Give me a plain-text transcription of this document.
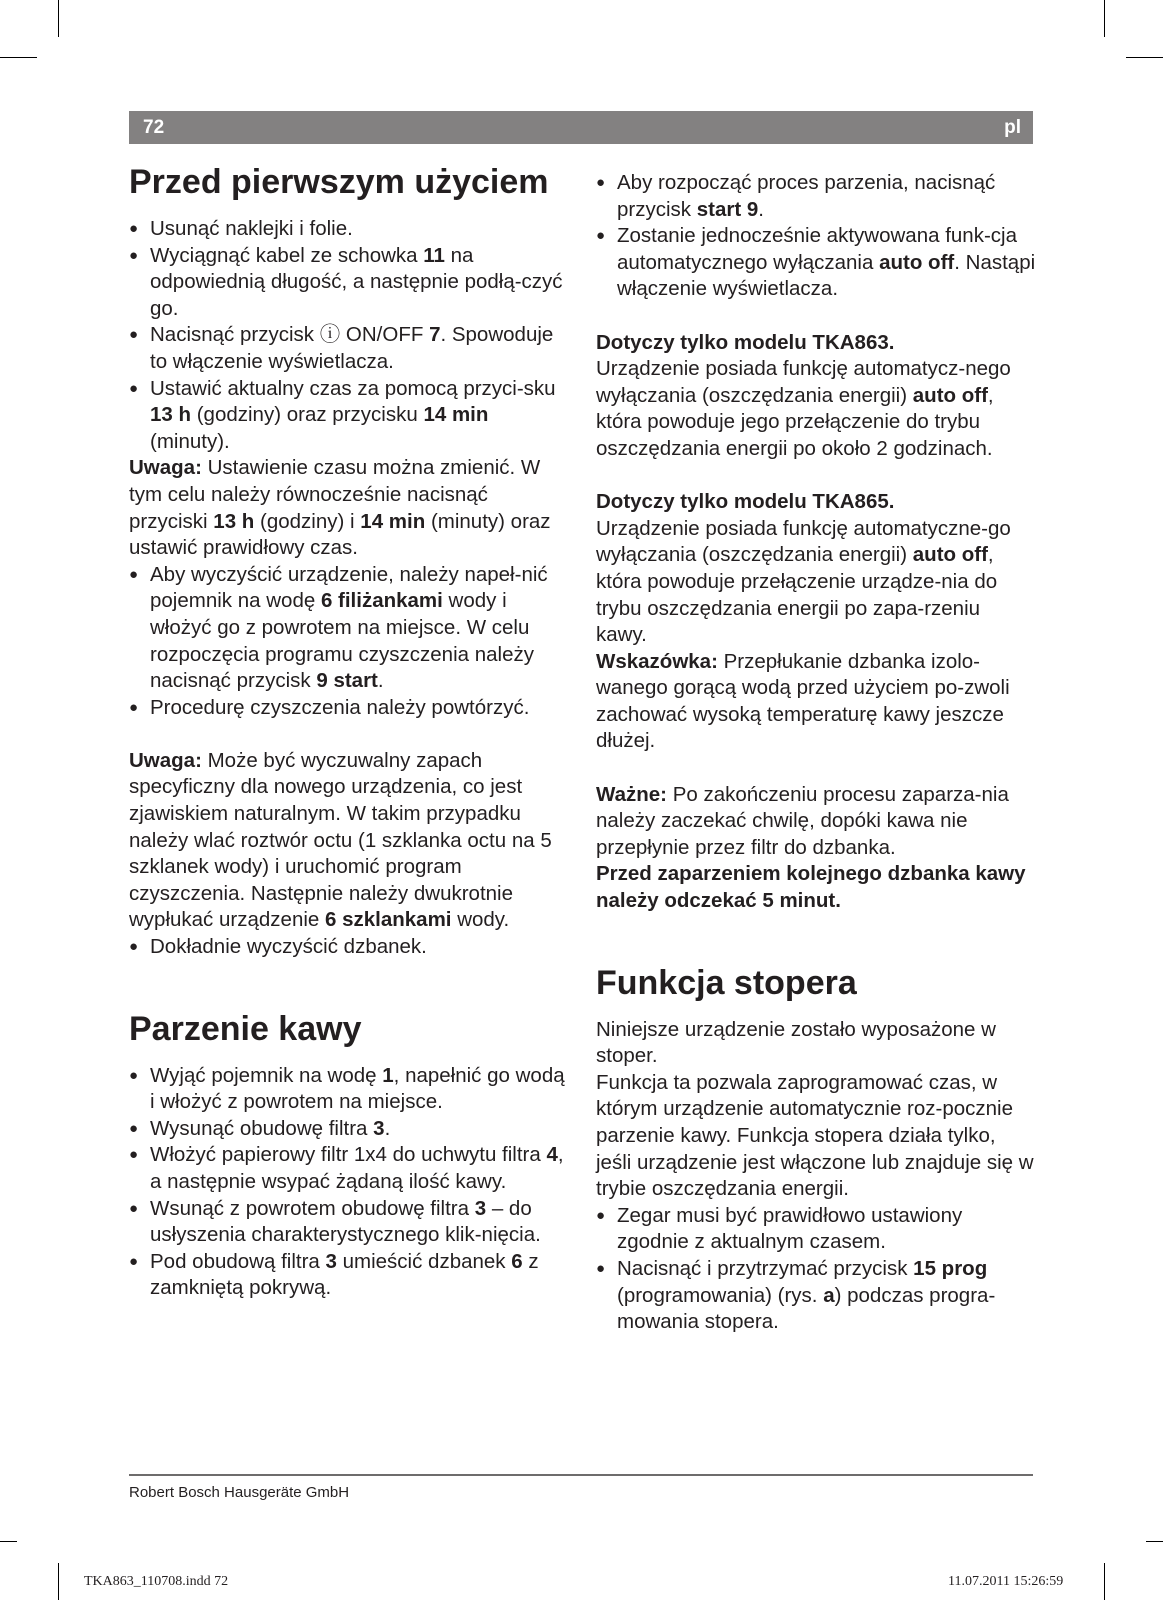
72	pl
Przed pierwszym użyciem

● Usunąć naklejki i folie.

● Wyciągnąć kabel ze schowka 11 na odpowiednią długość, a następnie podłą-czyć go.

● Nacisnąć przycisk ⓘ ON/OFF 7. Spowoduje to włączenie wyświetlacza.

● Ustawić aktualny czas za pomocą przyci-sku 13 h (godziny) oraz przycisku 14 min (minuty).

Uwaga: Ustawienie czasu można zmienić. W tym celu należy równocześnie nacisnąć przyciski 13 h (godziny) i 14 min (minuty) oraz ustawić prawidłowy czas.

● Aby wyczyścić urządzenie, należy napeł-nić pojemnik na wodę 6 filiżankami wody i włożyć go z powrotem na miejsce. W celu rozpoczęcia programu czyszczenia należy nacisnąć przycisk 9 start.

● Procedurę czyszczenia należy powtórzyć.

Uwaga: Może być wyczuwalny zapach specyficzny dla nowego urządzenia, co jest zjawiskiem naturalnym. W takim przypadku należy wlać roztwór octu (1 szklanka octu na 5 szklanek wody) i uruchomić program czyszczenia. Następnie należy dwukrotnie wypłukać urządzenie 6 szklankami wody.

● Dokładnie wyczyścić dzbanek.

Parzenie kawy

● Wyjąć pojemnik na wodę 1, napełnić go wodą i włożyć z powrotem na miejsce.

● Wysunąć obudowę filtra 3.

● Włożyć papierowy filtr 1x4 do uchwytu filtra 4, a następnie wsypać żądaną ilość kawy.

● Wsunąć z powrotem obudowę filtra 3 – do usłyszenia charakterystycznego klik-nięcia.

● Pod obudową filtra 3 umieścić dzbanek 6 z zamkniętą pokrywą.

● Aby rozpocząć proces parzenia, nacisnąć przycisk start 9.

● Zostanie jednocześnie aktywowana funk-cja automatycznego wyłączania auto off. Nastąpi włączenie wyświetlacza.

Dotyczy tylko modelu TKA863.

Urządzenie posiada funkcję automatycz-nego wyłączania (oszczędzania energii) auto off, która powoduje jego przełączenie do trybu oszczędzania energii po około 2 godzinach.

Dotyczy tylko modelu TKA865.

Urządzenie posiada funkcję automatyczne-go wyłączania (oszczędzania energii) auto off, która powoduje przełączenie urządze-nia do trybu oszczędzania energii po zapa-rzeniu kawy.

Wskazówka: Przepłukanie dzbanka izolo-wanego gorącą wodą przed użyciem po-zwoli zachować wysoką temperaturę kawy jeszcze dłużej.

Ważne: Po zakończeniu procesu zaparza-nia należy zaczekać chwilę, dopóki kawa nie przepłynie przez filtr do dzbanka.

Przed zaparzeniem kolejnego dzbanka kawy należy odczekać 5 minut.

Funkcja stopera

Niniejsze urządzenie zostało wyposażone w stoper.

Funkcja ta pozwala zaprogramować czas, w którym urządzenie automatycznie roz-pocznie parzenie kawy. Funkcja stopera działa tylko, jeśli urządzenie jest włączone lub znajduje się w trybie oszczędzania energii.

● Zegar musi być prawidłowo ustawiony zgodnie z aktualnym czasem.

● Nacisnąć i przytrzymać przycisk 15 prog (programowania) (rys. a) podczas progra-mowania stopera.

Robert Bosch Hausgeräte GmbH
TKA863_110708.indd 72	11.07.2011 15:26:59
